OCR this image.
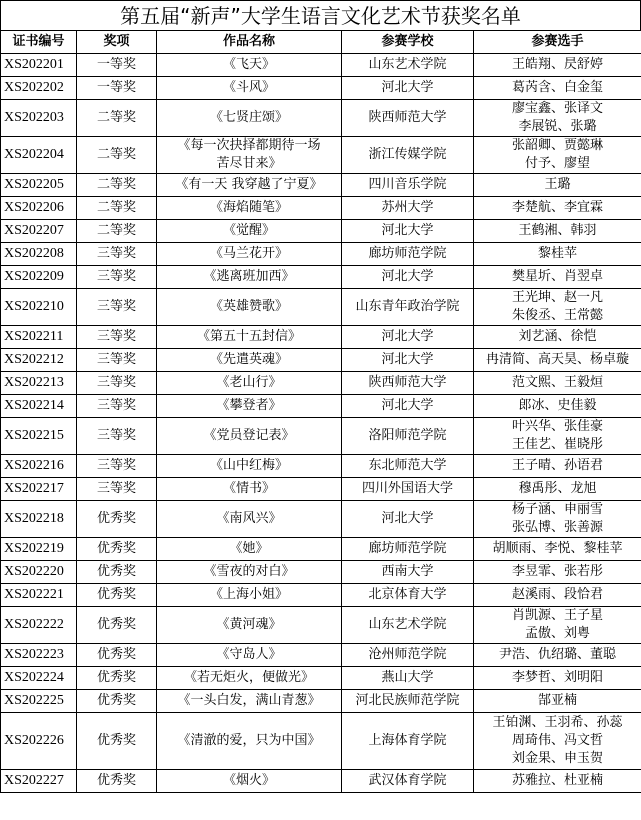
第五届“新声”大学生语言文化艺术节获奖名单
证书编号	奖项	作品名称	参赛学校	参赛选手
XS202201	一等奖	《飞天》	山东艺术学院	王皓翔、昃舒婷

XS202202	一等奖	《斗风》	河北大学	葛芮含、白金玺

XS202203	二等奖	《七贤庄颂》	陕西师范大学	廖宝鑫、张译文
李展锐、张璐

XS202204	二等奖	《每一次抉择都期待一场
苦尽甘来》	浙江传媒学院	张韶卿、贾懿琳
付予、廖望

XS202205	二等奖	《有一天 我穿越了宁夏》	四川音乐学院	王璐

XS202206	二等奖	《海焰随笔》	苏州大学	李楚航、李宜霖

XS202207	二等奖	《觉醒》	河北大学	王鹤湘、韩羽

XS202208	三等奖	《马兰花开》	廊坊师范学院	黎桂苹

XS202209	三等奖	《逃离班加西》	河北大学	樊星圻、肖翌卓

XS202210	三等奖	《英雄赞歌》	山东青年政治学院	王光坤、赵一凡
朱俊丞、王常懿

XS202211	三等奖	《第五十五封信》	河北大学	刘艺涵、徐恺

XS202212	三等奖	《先遣英魂》	河北大学	冉清简、高天昊、杨卓璇

XS202213	三等奖	《老山行》	陕西师范大学	范文熙、王毅烜

XS202214	三等奖	《攀登者》	河北大学	郎冰、史佳毅

XS202215	三等奖	《党员登记表》	洛阳师范学院	叶兴华、张佳豪
王佳艺、崔晓彤

XS202216	三等奖	《山中红梅》	东北师范大学	王子晴、孙语君

XS202217	三等奖	《情书》	四川外国语大学	穆禹彤、龙旭

XS202218	优秀奖	《南风兴》	河北大学	杨子涵、申丽雪
张弘博、张善源

XS202219	优秀奖	《她》	廊坊师范学院	胡顺雨、李悦、黎桂苹

XS202220	优秀奖	《雪夜的对白》	西南大学	李昱霏、张若彤

XS202221	优秀奖	《上海小姐》	北京体育大学	赵溪雨、段恰君

XS202222	优秀奖	《黄河魂》	山东艺术学院	肖凯源、王子星
孟傲、刘粤

XS202223	优秀奖	《守岛人》	沧州师范学院	尹浩、仇绍璐、董聪

XS202224	优秀奖	《若无炬火，便做光》	燕山大学	李梦哲、刘明阳

XS202225	优秀奖	《一头白发，满山青葱》	河北民族师范学院	郜亚楠

XS202226	优秀奖	《清澈的爱，只为中国》	上海体育学院	王铂渊、王羽希、孙蕊
周琦伟、冯文哲
刘金果、申玉贺

XS202227	优秀奖	《烟火》	武汉体育学院	苏雅拉、杜亚楠
